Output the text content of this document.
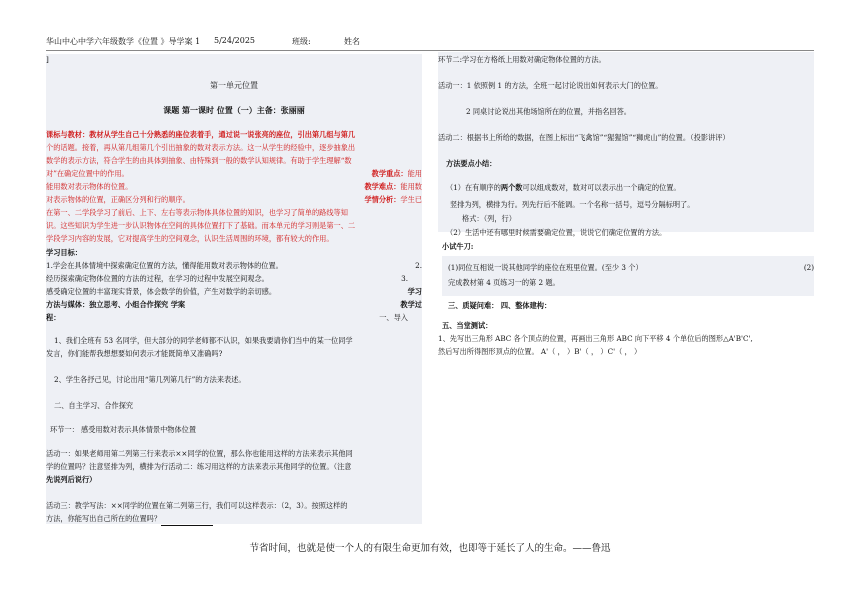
华山中心中学六年级数学《位置 》导学案 1 5/24/2025	班级:	姓名
]
第一单元位置
课题 第一课时 位置（一）主备：张丽丽
课标与教材：教材从学生自己十分熟悉的座位表着手，通过说一说张亮的座位，引出第几组与第几
个的话题。接着，再从第几组第几个引出抽象的数对表示方法。这一从学生的经验中，逐步抽象出
数学的表示方法，符合学生的由具体到抽象、由特殊到一般的数学认知规律。有助于学生理解“数
对”在确定位置中的作用。	教学重点：能用
能用数对表示物体的位置。	教学难点：能用数
对表示物体的位置，正确区分列和行的顺序。	学情分析：学生已
在第一、二学段学习了前后、上下、左右等表示物体具体位置的知识，也学习了简单的路线等知
识。这些知识为学生进一步认识物体在空间的具体位置打下了基础。而本单元的学习则是第一、二
学段学习内容的发展，它对提高学生的空间观念，认识生活周围的环境，都有较大的作用。
学习目标：
1.学会在具体情境中探索确定位置的方法，懂得能用数对表示物体的位置。	2.
经历探索确定物体位置的方法的过程，在学习的过程中发展空间观念。	3.
感受确定位置的丰富现实背景，体会数学的价值，产生对数学的亲切感。	学习
方法与媒体：独立思考、小组合作探究 学案	教学过
程：	一、导入
1、我们全班有 53 名同学，但大部分的同学老师都不认识，如果我要请你们当中的某一位同学
发言，你们能帮我想想要如何表示才能既简单又准确吗?
2、学生各抒己见，讨论出用“第几列第几行”的方法来表述。
二、自主学习、合作探究
环节一： 感受用数对表示具体情景中物体位置
活动一：如果老师用第二列第三行来表示××同学的位置，那么你也能用这样的方法来表示其他同
学的位置吗？注意竖排为列，横排为行活动二：练习用这样的方法来表示其他同学的位置。（注意
先说列后说行）
活动三：教学写法：××同学的位置在第二列第三行，我们可以这样表示：（2，3）。按照这样的
方法，你能写出自己所在的位置吗？
环节二:学习在方格纸上用数对确定物体位置的方法。
活动一：1 依照例 1 的方法，全班一起讨论说出如何表示大门的位置。
2 同桌讨论说出其他场馆所在的位置，并指名回答。
活动二：根据书上所给的数据，在图上标出“飞禽馆”“猩猩馆”“狮虎山”的位置。（投影讲评）
方法要点小结：
（1）在有顺序的两个数可以组成数对，数对可以表示出一个确定的位置。
竖排为列，横排为行。列先行后不能调。一个名称一括号，逗号分隔标明了。
格式：（列，行）
（2）生活中还有哪里时候需要确定位置，说说它们确定位置的方法。
小试牛刀:
(1)同位互相说一说其他同学的座位在班里位置。(至少 3 个）	(2)
完成教材第 4 页练习一的第 2 题。
三、质疑问难： 四、整体建构：
五、当堂测试：
1、先写出三角形 ABC 各个顶点的位置，再画出三角形 ABC 向下平移 4 个单位后的图形△A'B'C',
然后写出所得图形顶点的位置。 A'（ ， ）B'（ ， ）C'（ ， ）
节省时间，也就是使一个人的有限生命更加有效，也即等于延长了人的生命。——鲁迅
